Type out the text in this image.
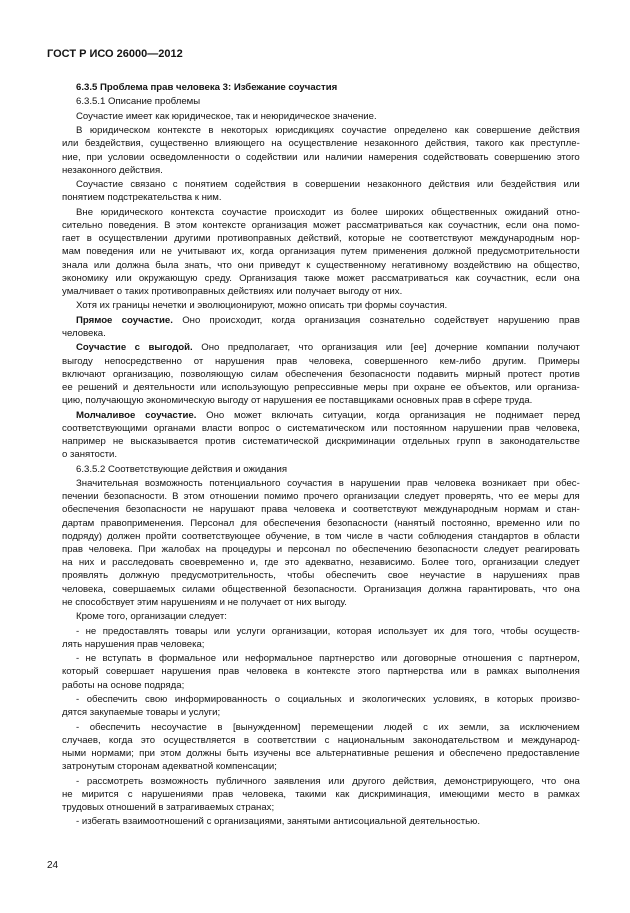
ГОСТ Р ИСО 26000—2012
6.3.5 Проблема прав человека 3: Избежание соучастия
6.3.5.1 Описание проблемы
Соучастие имеет как юридическое, так и неюридическое значение.
В юридическом контексте в некоторых юрисдикциях соучастие определено как совершение действия
или бездействия, существенно влияющего на осуществление незаконного действия, такого как преступле-
ние, при условии осведомленности о содействии или наличии намерения содействовать совершению этого
незаконного действия.
Соучастие связано с понятием содействия в совершении незаконного действия или бездействия или
понятием подстрекательства к ним.
Вне юридического контекста соучастие происходит из более широких общественных ожиданий отно-
сительно поведения. В этом контексте организация может рассматриваться как соучастник, если она помо-
гает в осуществлении другими противоправных действий, которые не соответствуют международным нор-
мам поведения или не учитывают их, когда организация путем применения должной предусмотрительности
знала или должна была знать, что они приведут к существенному негативному воздействию на общество,
экономику или окружающую среду. Организация также может рассматриваться как соучастник, если она
умалчивает о таких противоправных действиях или получает выгоду от них.
Хотя их границы нечетки и эволюционируют, можно описать три формы соучастия.
Прямое соучастие. Оно происходит, когда организация сознательно содействует нарушению прав
человека.
Соучастие с выгодой. Оно предполагает, что организация или [ее] дочерние компании получают
выгоду непосредственно от нарушения прав человека, совершенного кем-либо другим. Примеры
включают организацию, позволяющую силам обеспечения безопасности подавить мирный протест против
ее решений и деятельности или использующую репрессивные меры при охране ее объектов, или организа-
цию, получающую экономическую выгоду от нарушения ее поставщиками основных прав в сфере труда.
Молчаливое соучастие. Оно может включать ситуации, когда организация не поднимает перед
соответствующими органами власти вопрос о систематическом или постоянном нарушении прав человека,
например не высказывается против систематической дискриминации отдельных групп в законодательстве
о занятости.
6.3.5.2 Соответствующие действия и ожидания
Значительная возможность потенциального соучастия в нарушении прав человека возникает при обес-
печении безопасности. В этом отношении помимо прочего организации следует проверять, что ее меры для
обеспечения безопасности не нарушают права человека и соответствуют международным нормам и стан-
дартам правоприменения. Персонал для обеспечения безопасности (нанятый постоянно, временно или по
подряду) должен пройти соответствующее обучение, в том числе в части соблюдения стандартов в области
прав человека. При жалобах на процедуры и персонал по обеспечению безопасности следует реагировать
на них и расследовать своевременно и, где это адекватно, независимо. Более того, организации следует
проявлять должную предусмотрительность, чтобы обеспечить свое неучастие в нарушениях прав
человека, совершаемых силами общественной безопасности. Организация должна гарантировать, что она
не способствует этим нарушениям и не получает от них выгоду.
Кроме того, организации следует:
- не предоставлять товары или услуги организации, которая использует их для того, чтобы осуществ-
лять нарушения прав человека;
- не вступать в формальное или неформальное партнерство или договорные отношения с партнером,
который совершает нарушения прав человека в контексте этого партнерства или в рамках выполнения
работы на основе подряда;
- обеспечить свою информированность о социальных и экологических условиях, в которых произво-
дятся закупаемые товары и услуги;
- обеспечить несоучастие в [вынужденном] перемещении людей с их земли, за исключением
случаев, когда это осуществляется в соответствии с национальным законодательством и международ-
ными нормами; при этом должны быть изучены все альтернативные решения и обеспечено предоставление
затронутым сторонам адекватной компенсации;
- рассмотреть возможность публичного заявления или другого действия, демонстрирующего, что она
не мирится с нарушениями прав человека, такими как дискриминация, имеющими место в рамках
трудовых отношений в затрагиваемых странах;
- избегать взаимоотношений с организациями, занятыми антисоциальной деятельностью.
24
